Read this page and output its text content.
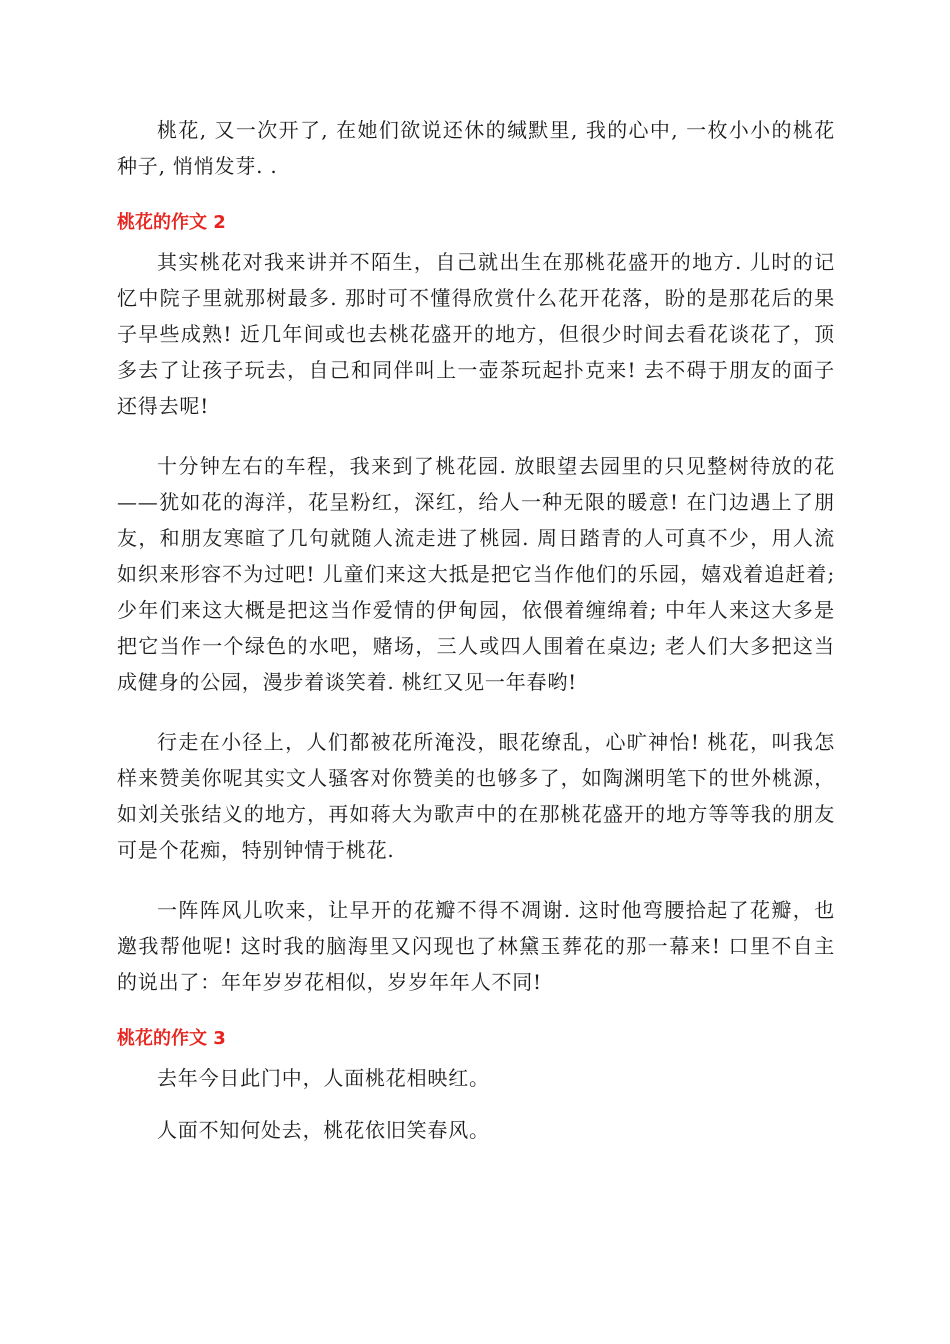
桃花, 又一次开了, 在她们欲说还休的缄默里, 我的心中, 一枚小小的桃花种子, 悄悄发芽. .

桃花的作文 2

其实桃花对我来讲并不陌生，自己就出生在那桃花盛开的地方. 儿时的记忆中院子里就那树最多. 那时可不懂得欣赏什么花开花落，盼的是那花后的果子早些成熟! 近几年间或也去桃花盛开的地方，但很少时间去看花谈花了，顶多去了让孩子玩去，自己和同伴叫上一壶茶玩起扑克来! 去不碍于朋友的面子还得去呢!

十分钟左右的车程，我来到了桃花园. 放眼望去园里的只见整树待放的花——犹如花的海洋，花呈粉红，深红，给人一种无限的暖意! 在门边遇上了朋友，和朋友寒暄了几句就随人流走进了桃园. 周日踏青的人可真不少，用人流如织来形容不为过吧! 儿童们来这大抵是把它当作他们的乐园，嬉戏着追赶着; 少年们来这大概是把这当作爱情的伊甸园，依偎着缠绵着; 中年人来这大多是把它当作一个绿色的水吧，赌场，三人或四人围着在桌边; 老人们大多把这当成健身的公园，漫步着谈笑着. 桃红又见一年春哟!

行走在小径上，人们都被花所淹没，眼花缭乱，心旷神怡! 桃花，叫我怎样来赞美你呢其实文人骚客对你赞美的也够多了，如陶渊明笔下的世外桃源，如刘关张结义的地方，再如蒋大为歌声中的在那桃花盛开的地方等等我的朋友可是个花痴，特别钟情于桃花.

一阵阵风儿吹来，让早开的花瓣不得不凋谢. 这时他弯腰拾起了花瓣，也邀我帮他呢! 这时我的脑海里又闪现也了林黛玉葬花的那一幕来! 口里不自主的说出了：年年岁岁花相似，岁岁年年人不同!

桃花的作文 3

去年今日此门中，人面桃花相映红。

人面不知何处去，桃花依旧笑春风。
